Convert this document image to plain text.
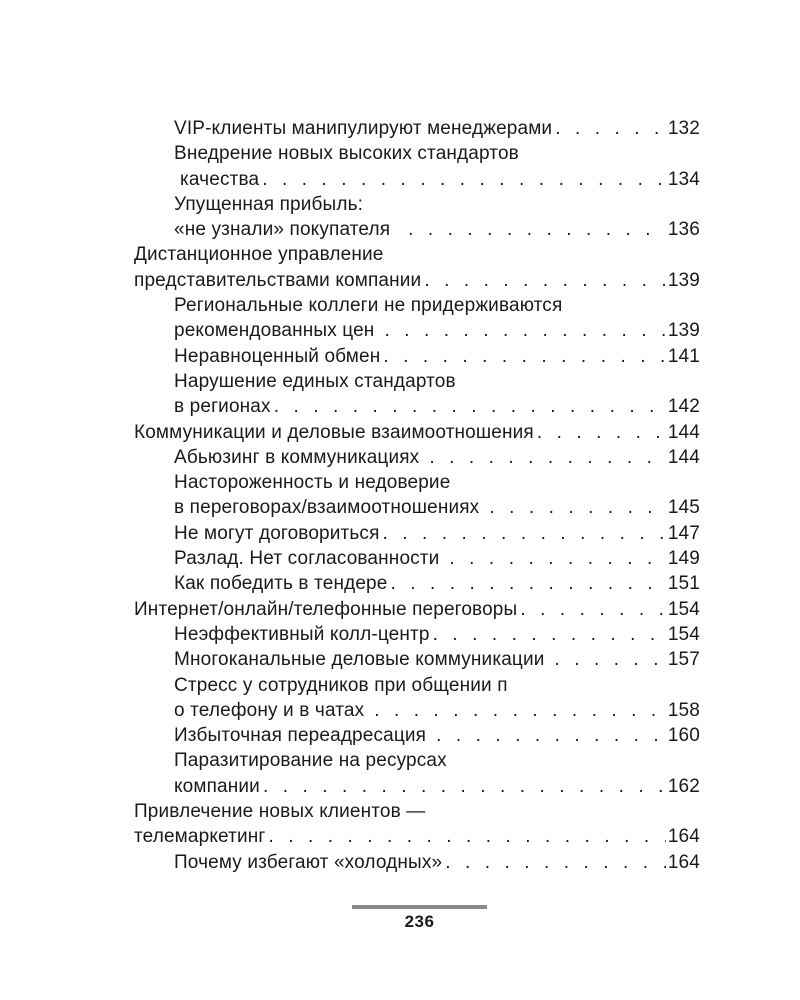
VIP-клиенты манипулируют менеджерами . . .	132
Внедрение новых высоких стандартов
качества . . .	134
Упущенная прибыль:
«не узнали» покупателя . . .	136
Дистанционное управление
представительствами компании . . .	139
Региональные коллеги не придерживаются
рекомендованных цен . . .	139
Неравноценный обмен . . .	141
Нарушение единых стандартов
в регионах . . .	142
Коммуникации и деловые взаимоотношения . . .	144
Абьюзинг в коммуникациях . . .	144
Настороженность и недоверие
в переговорах/взаимоотношениях . . .	145
Не могут договориться . . .	147
Разлад. Нет согласованности . . .	149
Как победить в тендере . . .	151
Интернет/онлайн/телефонные переговоры . . .	154
Неэффективный колл-центр . . .	154
Многоканальные деловые коммуникации . . .	157
Стресс у сотрудников при общении п
о телефону и в чатах . . .	158
Избыточная переадресация . . .	160
Паразитирование на ресурсах
компании . . .	162
Привлечение новых клиентов —
телемаркетинг . . .	164
Почему избегают «холодных» . . .	164
236
